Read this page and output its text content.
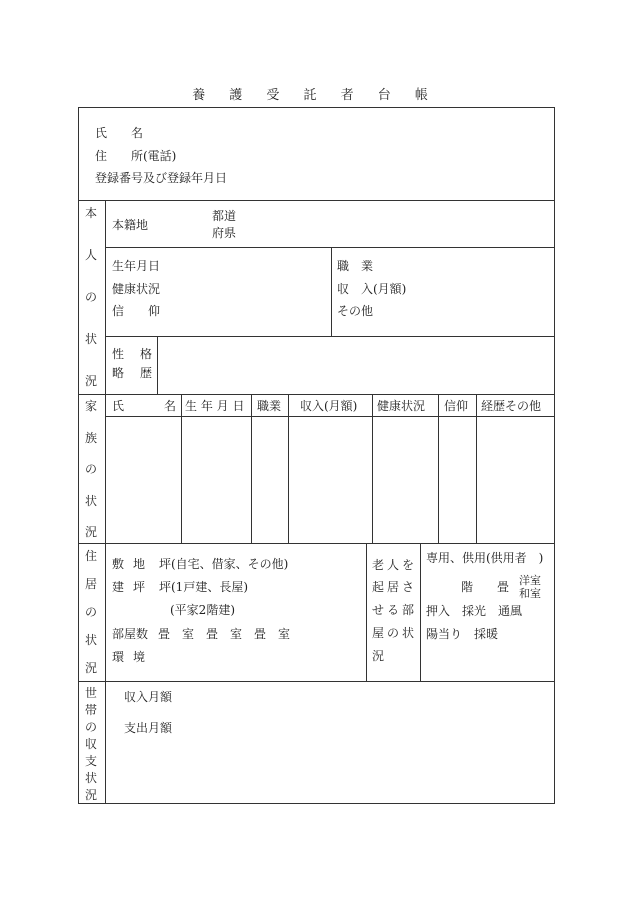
養 護 受 託 者 台 帳
氏 名
住 所(電話)
登録番号及び登録年月日
本
人
の
状
況
本籍地
都道
府県
生年月日
健康状況
信 仰
職 業
収 入(月額)
その他
性 格
略 歴
家
族
の
状
況
氏	名 生 年 月 日 職業 収入(月額) 健康状況 信仰 経歴その他
住
居
の
状
況
敷 地 坪(自宅、借家、その他)
建 坪 坪(1戸建、長屋)
(平家2階建)
部屋数 畳 室 畳 室 畳 室
環 境
老人を
起居さ
せる部
屋の状
況
専用、供用(供用者　)
階 畳 洋室
和室
押入　採光　通風
陽当り　採暖
世
帯
の
収
支
状
況
収入月額
支出月額
